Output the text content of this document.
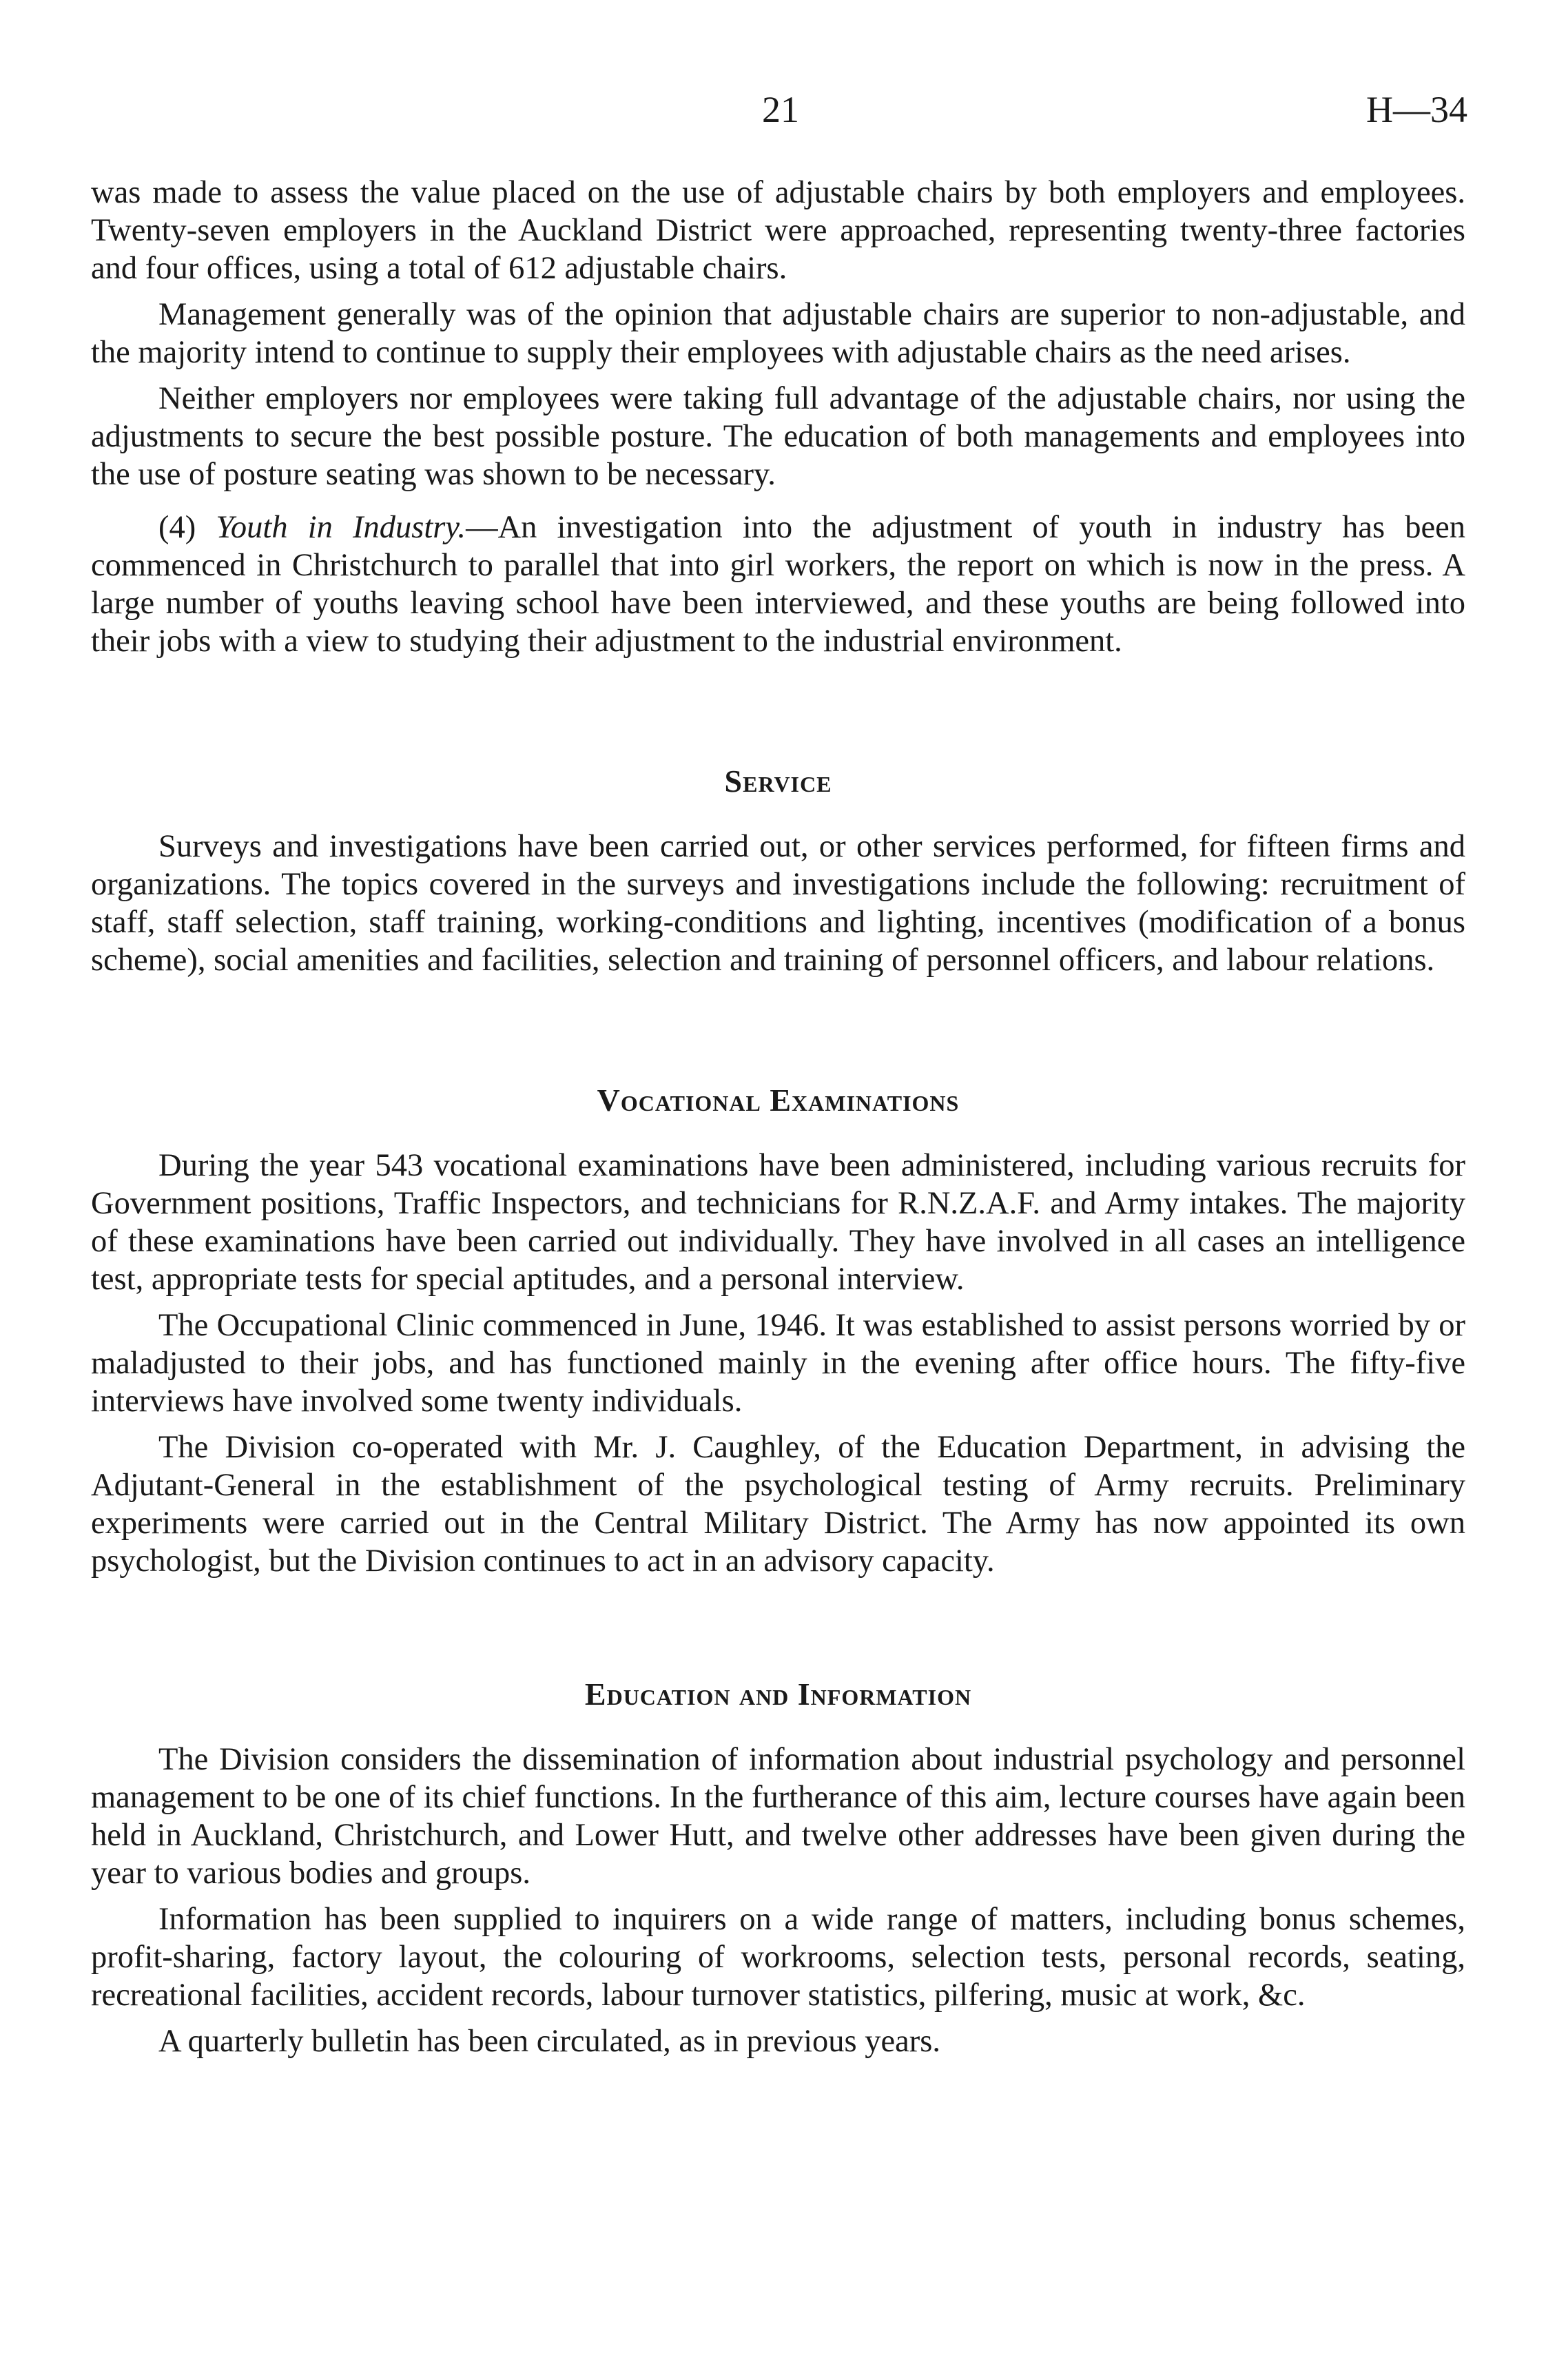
21	H—34

was made to assess the value placed on the use of adjustable chairs by both employers and employees. Twenty-seven employers in the Auckland District were approached, representing twenty-three factories and four offices, using a total of 612 adjustable chairs.

Management generally was of the opinion that adjustable chairs are superior to non-adjustable, and the majority intend to continue to supply their employees with adjustable chairs as the need arises.

Neither employers nor employees were taking full advantage of the adjustable chairs, nor using the adjustments to secure the best possible posture. The education of both managements and employees into the use of posture seating was shown to be necessary.

(4) Youth in Industry.—An investigation into the adjustment of youth in industry has been commenced in Christchurch to parallel that into girl workers, the report on which is now in the press. A large number of youths leaving school have been interviewed, and these youths are being followed into their jobs with a view to studying their adjustment to the industrial environment.

Service

Surveys and investigations have been carried out, or other services performed, for fifteen firms and organizations. The topics covered in the surveys and investigations include the following: recruitment of staff, staff selection, staff training, working-conditions and lighting, incentives (modification of a bonus scheme), social amenities and facilities, selection and training of personnel officers, and labour relations.

Vocational Examinations

During the year 543 vocational examinations have been administered, including various recruits for Government positions, Traffic Inspectors, and technicians for R.N.Z.A.F. and Army intakes. The majority of these examinations have been carried out individually. They have involved in all cases an intelligence test, appropriate tests for special aptitudes, and a personal interview.

The Occupational Clinic commenced in June, 1946. It was established to assist persons worried by or maladjusted to their jobs, and has functioned mainly in the evening after office hours. The fifty-five interviews have involved some twenty individuals.

The Division co-operated with Mr. J. Caughley, of the Education Department, in advising the Adjutant-General in the establishment of the psychological testing of Army recruits. Preliminary experiments were carried out in the Central Military District. The Army has now appointed its own psychologist, but the Division continues to act in an advisory capacity.

Education and Information

The Division considers the dissemination of information about industrial psychology and personnel management to be one of its chief functions. In the furtherance of this aim, lecture courses have again been held in Auckland, Christchurch, and Lower Hutt, and twelve other addresses have been given during the year to various bodies and groups.

Information has been supplied to inquirers on a wide range of matters, including bonus schemes, profit-sharing, factory layout, the colouring of workrooms, selection tests, personal records, seating, recreational facilities, accident records, labour turnover statistics, pilfering, music at work, &c.

A quarterly bulletin has been circulated, as in previous years.
